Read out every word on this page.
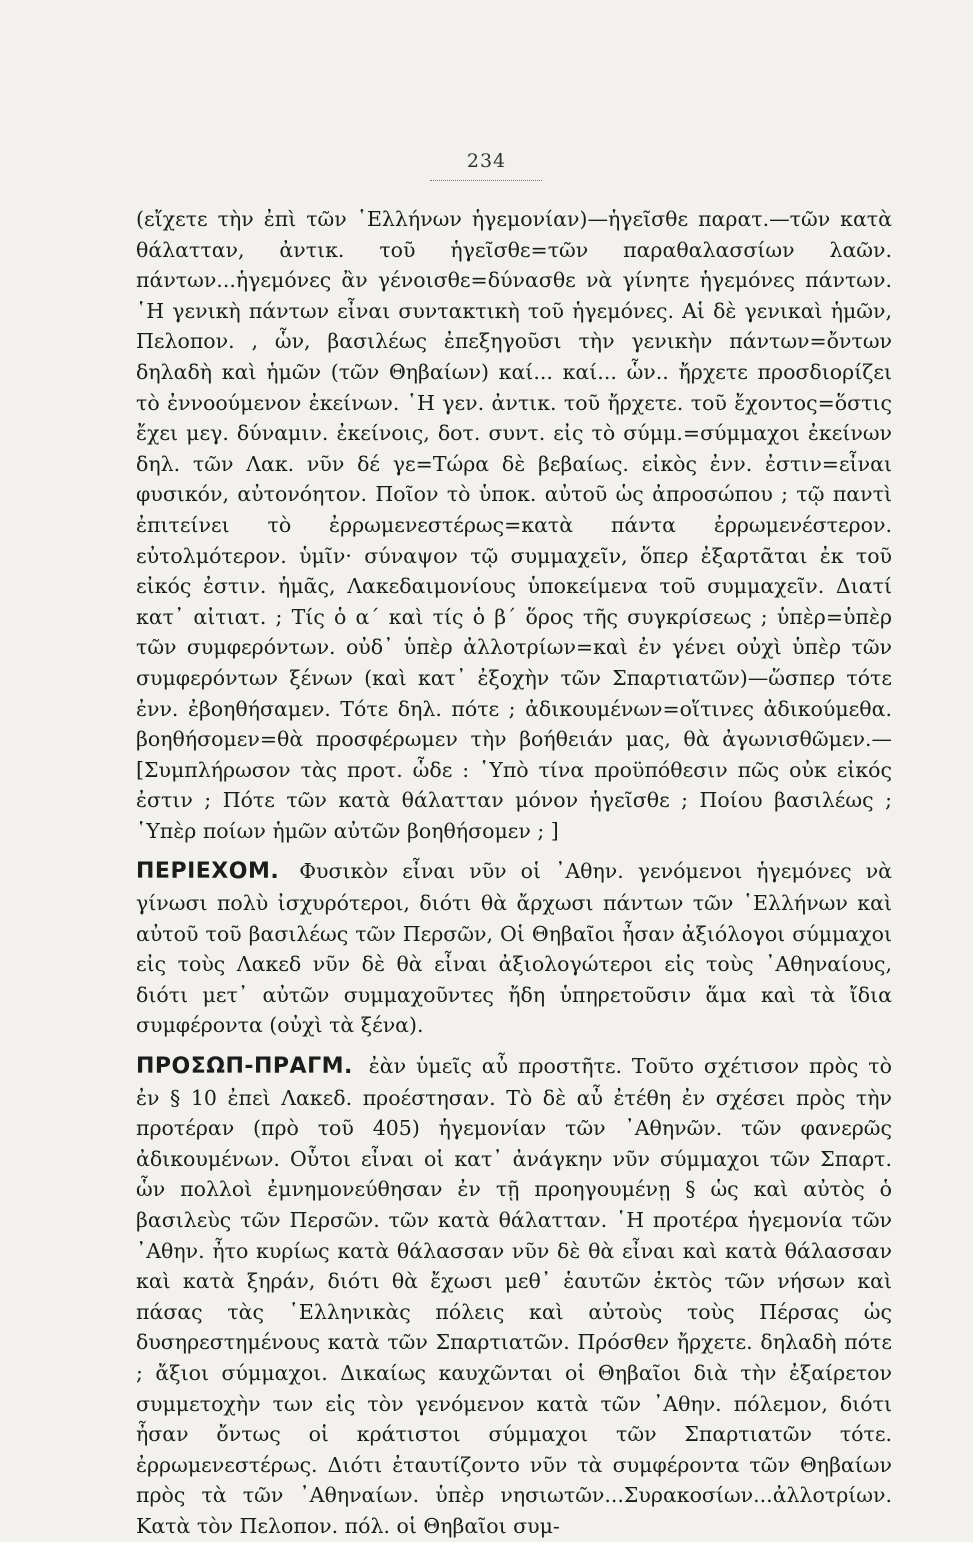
234

(εἴχετε τὴν ἐπὶ τῶν ῾Ελλήνων ἡγεμονίαν)—ἡγεῖσθε παρατ.—τῶν κατὰ θάλατταν, ἀντικ. τοῦ ἡγεῖσθε=τῶν παραθαλασσίων λαῶν. πάντων...ἡγεμόνες ἂν γένοισθε=δύνασθε νὰ γίνητε ἡγεμόνες πάντων. ῾Η γενικὴ πάντων εἶναι συντακτικὴ τοῦ ἡγεμόνες. Αἱ δὲ γενικαὶ ἡμῶν, Πελοπον. , ὧν, βασιλέως ἐπεξηγοῦσι τὴν γενικὴν πάντων=ὄντων δηλαδὴ καὶ ἡμῶν (τῶν Θηβαίων) καί... καί... ὧν.. ἤρχετε προσδιορίζει τὸ ἐννοούμενον ἐκείνων. ῾Η γεν. ἀντικ. τοῦ ἤρχετε. τοῦ ἔχοντος=ὅστις ἔχει μεγ. δύναμιν. ἐκείνοις, δοτ. συντ. εἰς τὸ σύμμ.=σύμμαχοι ἐκείνων δηλ. τῶν Λακ. νῦν δέ γε=Τώρα δὲ βεβαίως. εἰκὸς ἐνν. ἐστιν=εἶναι φυσικόν, αὐτονόητον. Ποῖον τὸ ὑποκ. αὐτοῦ ὡς ἀπροσώπου ; τῷ παντὶ ἐπιτείνει τὸ ἐρρωμενεστέρως=κατὰ πάντα ἐρρωμενέστερον. εὐτολμότερον. ὑμῖν· σύναψον τῷ συμμαχεῖν, ὅπερ ἐξαρτᾶται ἐκ τοῦ εἰκός ἐστιν. ἡμᾶς, Λακεδαιμονίους ὑποκείμενα τοῦ συμμαχεῖν. Διατί κατ᾽ αἰτιατ. ; Τίς ὁ α΄ καὶ τίς ὁ β΄ ὅρος τῆς συγκρίσεως ; ὑπὲρ=ὑπὲρ τῶν συμφερόντων. οὐδ᾽ ὑπὲρ ἀλλοτρίων=καὶ ἐν γένει οὐχὶ ὑπὲρ τῶν συμφερόντων ξένων (καὶ κατ᾽ ἐξοχὴν τῶν Σπαρτιατῶν)—ὥσπερ τότε ἐνν. ἐβοηθήσαμεν. Τότε δηλ. πότε ; ἀδικουμένων=οἵτινες ἀδικούμεθα. βοηθήσομεν=θὰ προσφέρωμεν τὴν βοήθειάν μας, θὰ ἀγωνισθῶμεν.—[Συμπλήρωσον τὰς προτ. ὧδε : ῾Υπὸ τίνα προϋπόθεσιν πῶς οὐκ εἰκός ἐστιν ; Πότε τῶν κατὰ θάλατταν μόνον ἡγεῖσθε ; Ποίου βασιλέως ; ῾Υπὲρ ποίων ἡμῶν αὐτῶν βοηθήσομεν ; ]

ΠΕΡΙΕΧΟΜ. Φυσικὸν εἶναι νῦν οἱ ᾽Αθην. γενόμενοι ἡγεμόνες νὰ γίνωσι πολὺ ἰσχυρότεροι, διότι θὰ ἄρχωσι πάντων τῶν ῾Ελλήνων καὶ αὐτοῦ τοῦ βασιλέως τῶν Περσῶν, Οἱ Θηβαῖοι ἦσαν ἀξιόλογοι σύμμαχοι εἰς τοὺς Λακεδ νῦν δὲ θὰ εἶναι ἀξιολογώτεροι εἰς τοὺς ᾽Αθηναίους, διότι μετ᾽ αὐτῶν συμμαχοῦντες ἤδη ὑπηρετοῦσιν ἅμα καὶ τὰ ἴδια συμφέροντα (οὐχὶ τὰ ξένα).

ΠΡΟΣΩΠ-ΠΡΑΓΜ. ἐὰν ὑμεῖς αὖ προστῆτε. Τοῦτο σχέτισον πρὸς τὸ ἐν § 10 ἐπεὶ Λακεδ. προέστησαν. Τὸ δὲ αὖ ἐτέθη ἐν σχέσει πρὸς τὴν προτέραν (πρὸ τοῦ 405) ἡγεμονίαν τῶν ᾽Αθηνῶν. τῶν φανερῶς ἀδικουμένων. Οὗτοι εἶναι οἱ κατ᾽ ἀνάγκην νῦν σύμμαχοι τῶν Σπαρτ. ὧν πολλοὶ ἐμνημονεύθησαν ἐν τῇ προηγουμένῃ § ὡς καὶ αὐτὸς ὁ βασιλεὺς τῶν Περσῶν. τῶν κατὰ θάλατταν. ῾Η προτέρα ἡγεμονία τῶν ᾽Αθην. ἦτο κυρίως κατὰ θάλασσαν νῦν δὲ θὰ εἶναι καὶ κατὰ θάλασσαν καὶ κατὰ ξηράν, διότι θὰ ἔχωσι μεθ᾽ ἑαυτῶν ἐκτὸς τῶν νήσων καὶ πάσας τὰς ῾Ελληνικὰς πόλεις καὶ αὐτοὺς τοὺς Πέρσας ὡς δυσηρεστημένους κατὰ τῶν Σπαρτιατῶν. Πρόσθεν ἤρχετε. δηλαδὴ πότε ; ἄξιοι σύμμαχοι. Δικαίως καυχῶνται οἱ Θηβαῖοι διὰ τὴν ἐξαίρετον συμμετοχὴν των εἰς τὸν γενόμενον κατὰ τῶν ᾽Αθην. πόλεμον, διότι ἦσαν ὄντως οἱ κράτιστοι σύμμαχοι τῶν Σπαρτιατῶν τότε. ἐρρωμενεστέρως. Διότι ἐταυτίζοντο νῦν τὰ συμφέροντα τῶν Θηβαίων πρὸς τὰ τῶν ᾽Αθηναίων. ὑπὲρ νησιωτῶν...Συρακοσίων...ἀλλοτρίων. Κατὰ τὸν Πελοπον. πόλ. οἱ Θηβαῖοι συμ-
